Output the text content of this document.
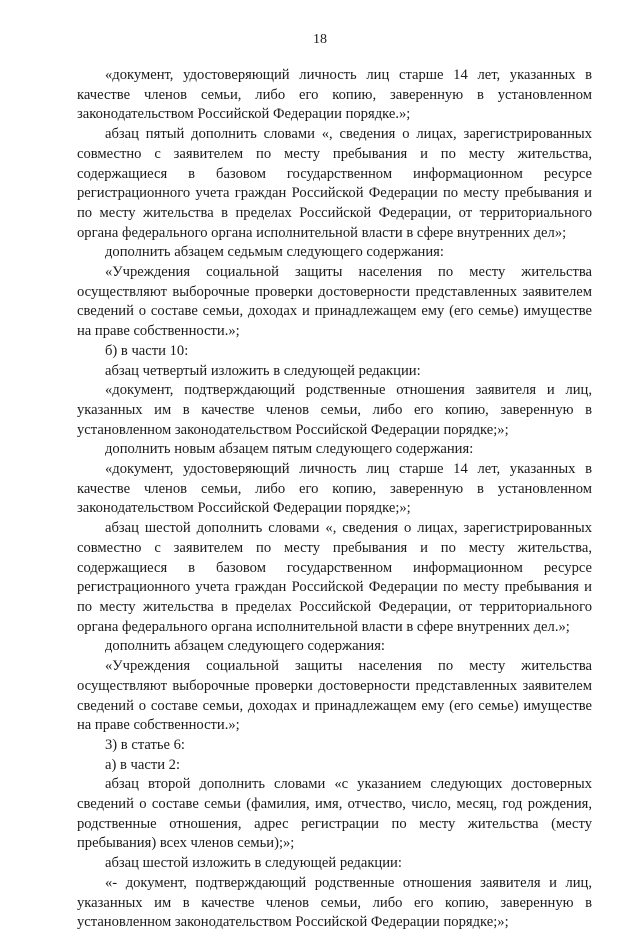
18

«документ, удостоверяющий личность лиц старше 14 лет, указанных в качестве членов семьи, либо его копию, заверенную в установленном законодательством Российской Федерации порядке.»;

абзац пятый дополнить словами «, сведения о лицах, зарегистрированных совместно с заявителем по месту пребывания и по месту жительства, содержащиеся в базовом государственном информационном ресурсе регистрационного учета граждан Российской Федерации по месту пребывания и по месту жительства в пределах Российской Федерации, от территориального органа федерального органа исполнительной власти в сфере внутренних дел»;

дополнить абзацем седьмым следующего содержания:

«Учреждения социальной защиты населения по месту жительства осуществляют выборочные проверки достоверности представленных заявителем сведений о составе семьи, доходах и принадлежащем ему (его семье) имуществе на праве собственности.»;

б) в части 10:

абзац четвертый изложить в следующей редакции:

«документ, подтверждающий родственные отношения заявителя и лиц, указанных им в качестве членов семьи, либо его копию, заверенную в установленном законодательством Российской Федерации порядке;»;

дополнить новым абзацем пятым следующего содержания:

«документ, удостоверяющий личность лиц старше 14 лет, указанных в качестве членов семьи, либо его копию, заверенную в установленном законодательством Российской Федерации порядке;»;

абзац шестой дополнить словами «, сведения о лицах, зарегистрированных совместно с заявителем по месту пребывания и по месту жительства, содержащиеся в базовом государственном информационном ресурсе регистрационного учета граждан Российской Федерации по месту пребывания и по месту жительства в пределах Российской Федерации, от территориального органа федерального органа исполнительной власти в сфере внутренних дел.»;

дополнить абзацем следующего содержания:

«Учреждения социальной защиты населения по месту жительства осуществляют выборочные проверки достоверности представленных заявителем сведений о составе семьи, доходах и принадлежащем ему (его семье) имуществе на праве собственности.»;

3) в статье 6:

а) в части 2:

абзац второй дополнить словами «с указанием следующих достоверных сведений о составе семьи (фамилия, имя, отчество, число, месяц, год рождения, родственные отношения, адрес регистрации по месту жительства (месту пребывания) всех членов семьи);»;

абзац шестой изложить в следующей редакции:

«- документ, подтверждающий родственные отношения заявителя и лиц, указанных им в качестве членов семьи, либо его копию, заверенную в установленном законодательством Российской Федерации порядке;»;
